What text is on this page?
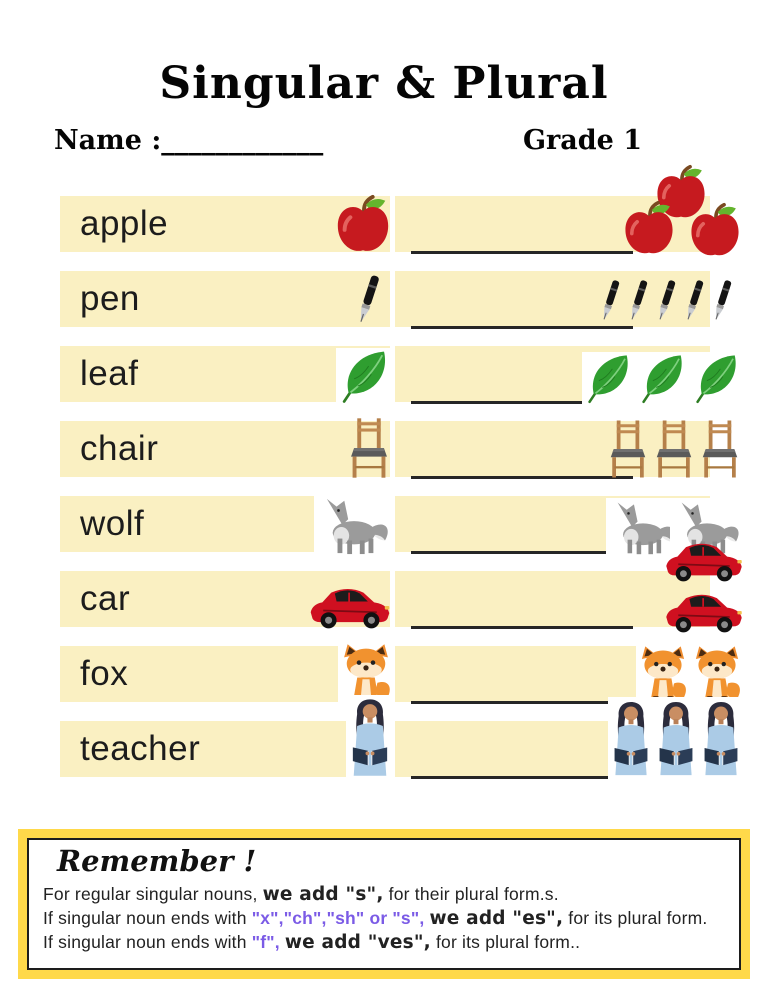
Singular & Plural
Name :____________	Grade 1
apple
pen
leaf
chair
wolf
car
fox
teacher
Remember !
For regular singular nouns, we add "s", for their plural form.s.
If singular noun ends with "x","ch","sh" or "s", we add "es", for its plural form.
If singular noun ends with "f", we add "ves", for its plural form..
